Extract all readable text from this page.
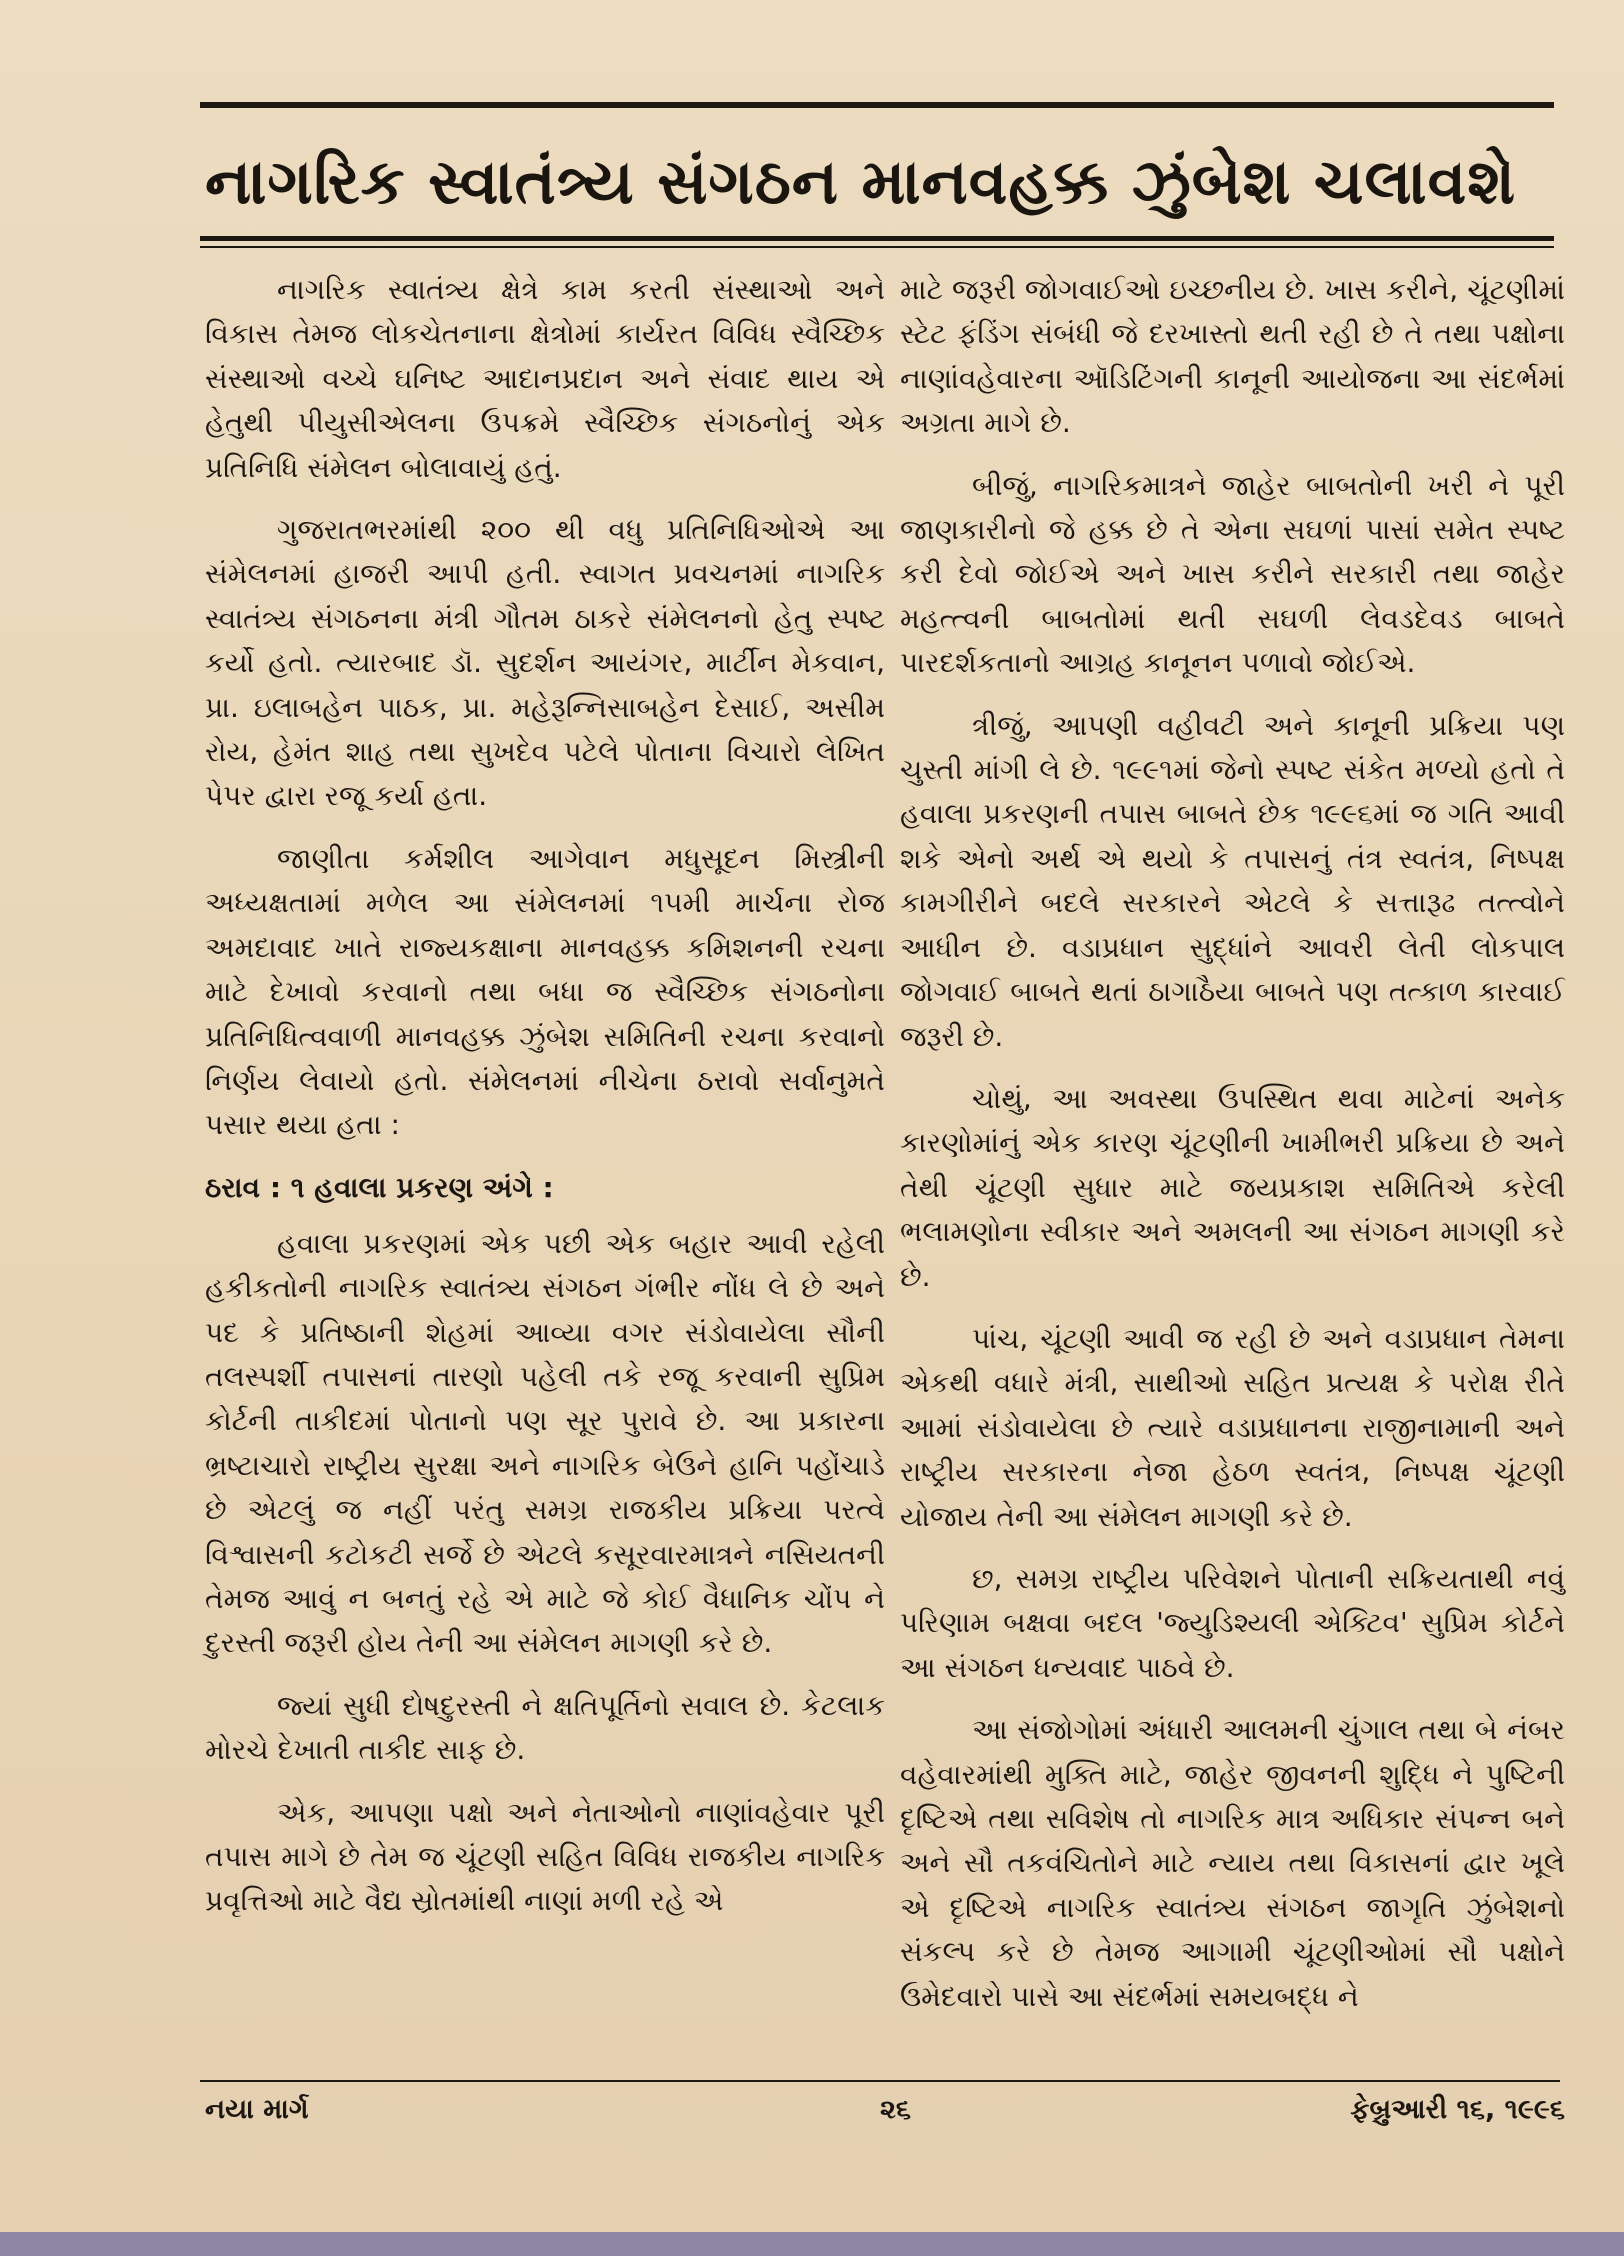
નાગરિક સ્વાતંત્ર્ય સંગઠન માનવહક્ક ઝુંબેશ ચલાવશે

નાગરિક સ્વાતંત્ર્ય ક્ષેત્રે કામ કરતી સંસ્થાઓ અને વિકાસ તેમજ લોકચેતનાના ક્ષેત્રોમાં કાર્યરત વિવિધ સ્વૈચ્છિક સંસ્થાઓ વચ્ચે ઘનિષ્ટ આદાનપ્રદાન અને સંવાદ થાય એ હેતુથી પીયુસીએલના ઉપક્રમે સ્વૈચ્છિક સંગઠનોનું એક પ્રતિનિધિ સંમેલન બોલાવાયું હતું.

ગુજરાતભરમાંથી ૨૦૦ થી વધુ પ્રતિનિધિઓએ આ સંમેલનમાં હાજરી આપી હતી. સ્વાગત પ્રવચનમાં નાગરિક સ્વાતંત્ર્ય સંગઠનના મંત્રી ગૌતમ ઠાકરે સંમેલનનો હેતુ સ્પષ્ટ કર્યો હતો. ત્યારબાદ ડૉ. સુદર્શન આયંગર, માર્ટીન મેકવાન, પ્રા. ઇલાબહેન પાઠક, પ્રા. મહેરૂન્નિસાબહેન દેસાઈ, અસીમ રોય, હેમંત શાહ તથા સુખદેવ પટેલે પોતાના વિચારો લેખિત પેપર દ્વારા રજૂ કર્યા હતા.

જાણીતા કર્મશીલ આગેવાન મધુસૂદન મિસ્ત્રીની અધ્યક્ષતામાં મળેલ આ સંમેલનમાં ૧૫મી માર્ચના રોજ અમદાવાદ ખાતે રાજ્યકક્ષાના માનવહક્ક કમિશનની રચના માટે દેખાવો કરવાનો તથા બધા જ સ્વૈચ્છિક સંગઠનોના પ્રતિનિધિત્વવાળી માનવહક્ક ઝુંબેશ સમિતિની રચના કરવાનો નિર્ણય લેવાયો હતો. સંમેલનમાં નીચેના ઠરાવો સર્વાનુમતે પસાર થયા હતા :

ઠરાવ : ૧ હવાલા પ્રકરણ અંગે :

હવાલા પ્રકરણમાં એક પછી એક બહાર આવી રહેલી હકીકતોની નાગરિક સ્વાતંત્ર્ય સંગઠન ગંભીર નોંધ લે છે અને પદ કે પ્રતિષ્ઠાની શેહમાં આવ્યા વગર સંડોવાયેલા સૌની તલસ્પર્શી તપાસનાં તારણો પહેલી તકે રજૂ કરવાની સુપ્રિમ કોર્ટની તાકીદમાં પોતાનો પણ સૂર પુરાવે છે. આ પ્રકારના ભ્રષ્ટાચારો રાષ્ટ્રીય સુરક્ષા અને નાગરિક બેઉને હાનિ પહોંચાડે છે એટલું જ નહીં પરંતુ સમગ્ર રાજકીય પ્રક્રિયા પરત્વે વિશ્વાસની કટોકટી સર્જે છે એટલે કસૂરવારમાત્રને નસિયતની તેમજ આવું ન બનતું રહે એ માટે જે કોઈ વૈધાનિક ચોંપ ને દુરસ્તી જરૂરી હોય તેની આ સંમેલન માગણી કરે છે.

જ્યાં સુધી દોષદુરસ્તી ને ક્ષતિપૂર્તિનો સવાલ છે. કેટલાક મોરચે દેખાતી તાકીદ સાફ છે.

એક, આપણા પક્ષો અને નેતાઓનો નાણાંવહેવાર પૂરી તપાસ માગે છે તેમ જ ચૂંટણી સહિત વિવિધ રાજકીય નાગરિક પ્રવૃત્તિઓ માટે વૈદ્ય સ્રોતમાંથી નાણાં મળી રહે એ

માટે જરૂરી જોગવાઈઓ ઇચ્છનીય છે. ખાસ કરીને, ચૂંટણીમાં સ્ટેટ ફંડિંગ સંબંધી જે દરખાસ્તો થતી રહી છે તે તથા પક્ષોના નાણાંવહેવારના ઑડિટિંગની કાનૂની આયોજના આ સંદર્ભમાં અગ્રતા માગે છે.

બીજું, નાગરિકમાત્રને જાહેર બાબતોની ખરી ને પૂરી જાણકારીનો જે હક્ક છે તે એના સઘળાં પાસાં સમેત સ્પષ્ટ કરી દેવો જોઈએ અને ખાસ કરીને સરકારી તથા જાહેર મહત્ત્વની બાબતોમાં થતી સઘળી લેવડદેવડ બાબતે પારદર્શકતાનો આગ્રહ કાનૂનન પળાવો જોઈએ.

ત્રીજું, આપણી વહીવટી અને કાનૂની પ્રક્રિયા પણ ચુસ્તી માંગી લે છે. ૧૯૯૧માં જેનો સ્પષ્ટ સંકેત મળ્યો હતો તે હવાલા પ્રકરણની તપાસ બાબતે છેક ૧૯૯૬માં જ ગતિ આવી શકે એનો અર્થ એ થયો કે તપાસનું તંત્ર સ્વતંત્ર, નિષ્પક્ષ કામગીરીને બદલે સરકારને એટલે કે સત્તારૂઢ તત્ત્વોને આધીન છે. વડાપ્રધાન સુદ્ધાંને આવરી લેતી લોકપાલ જોગવાઈ બાબતે થતાં ઠાગાઠૈયા બાબતે પણ તત્કાળ કારવાઈ જરૂરી છે.

ચોથું, આ અવસ્થા ઉપસ્થિત થવા માટેનાં અનેક કારણોમાંનું એક કારણ ચૂંટણીની ખામીભરી પ્રક્રિયા છે અને તેથી ચૂંટણી સુધાર માટે જયપ્રકાશ સમિતિએ કરેલી ભલામણોના સ્વીકાર અને અમલની આ સંગઠન માગણી કરે છે.

પાંચ, ચૂંટણી આવી જ રહી છે અને વડાપ્રધાન તેમના એકથી વધારે મંત્રી, સાથીઓ સહિત પ્રત્યક્ષ કે પરોક્ષ રીતે આમાં સંડોવાયેલા છે ત્યારે વડાપ્રધાનના રાજીનામાની અને રાષ્ટ્રીય સરકારના નેજા હેઠળ સ્વતંત્ર, નિષ્પક્ષ ચૂંટણી યોજાય તેની આ સંમેલન માગણી કરે છે.

છ, સમગ્ર રાષ્ટ્રીય પરિવેશને પોતાની સક્રિયતાથી નવું પરિણામ બક્ષવા બદલ 'જ્યુડિશ્યલી એક્ટિવ' સુપ્રિમ કોર્ટને આ સંગઠન ધન્યવાદ પાઠવે છે.

આ સંજોગોમાં અંધારી આલમની ચુંગાલ તથા બે નંબર વહેવારમાંથી મુક્તિ માટે, જાહેર જીવનની શુદ્ધિ ને પુષ્ટિની દૃષ્ટિએ તથા સવિશેષ તો નાગરિક માત્ર અધિકાર સંપન્ન બને અને સૌ તકવંચિતોને માટે ન્યાય તથા વિકાસનાં દ્વાર ખૂલે એ દૃષ્ટિએ નાગરિક સ્વાતંત્ર્ય સંગઠન જાગૃતિ ઝુંબેશનો સંકલ્પ કરે છે તેમજ આગામી ચૂંટણીઓમાં સૌ પક્ષોને ઉમેદવારો પાસે આ સંદર્ભમાં સમયબદ્ધ ને

નયા માર્ગ	૨૬	ફેબ્રુઆરી ૧૬, ૧૯૯૬
